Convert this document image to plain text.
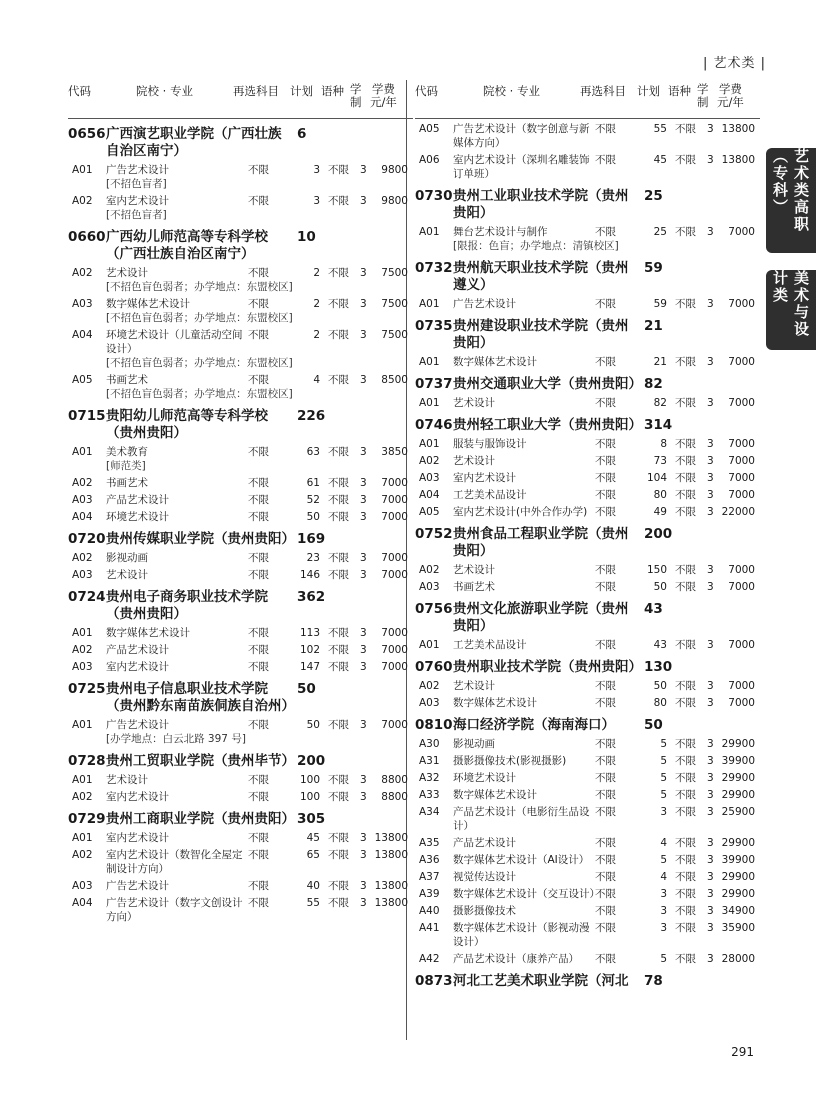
| 艺术类 |
艺术类高职（专科）
美术与设计类
代码	院校 · 专业	再选科目 计划 语种 学
制
学费
元/年
0656 广西演艺职业学院（广西壮族自治区南宁）
6
A01	广告艺术设计	不限	3 不限	3	9800
[不招色盲者]
A02	室内艺术设计	不限	3 不限	3	9800
[不招色盲者]
0660 广西幼儿师范高等专科学校（广西壮族自治区南宁）
10
A02	艺术设计	不限	2 不限	3	7500
[不招色盲色弱者；办学地点：东盟校区]
A03	数字媒体艺术设计	不限	2 不限	3	7500
[不招色盲色弱者；办学地点：东盟校区]
A04	环境艺术设计（儿童活动空间设计）
不限	2 不限	3	7500
[不招色盲色弱者；办学地点：东盟校区]
A05	书画艺术	不限	4 不限	3	8500
[不招色盲色弱者；办学地点：东盟校区]
0715 贵阳幼儿师范高等专科学校（贵州贵阳）
226
A01	美术教育	不限	63 不限	3	3850
[师范类]
A02	书画艺术	不限	61 不限	3	7000
A03	产品艺术设计	不限	52 不限	3	7000
A04	环境艺术设计	不限	50 不限	3	7000
0720 贵州传媒职业学院（贵州贵阳） 169
A02	影视动画	不限	23 不限	3	7000
A03	艺术设计	不限	146 不限	3	7000
0724 贵州电子商务职业技术学院（贵州贵阳）
362
A01	数字媒体艺术设计	不限	113 不限	3	7000
A02	产品艺术设计	不限	102 不限	3	7000
A03	室内艺术设计	不限	147 不限	3	7000
0725 贵州电子信息职业技术学院（贵州黔东南苗族侗族自治州）
50
A01	广告艺术设计	不限	50 不限	3	7000
[办学地点：白云北路 397 号]
0728 贵州工贸职业学院（贵州毕节） 200
A01	艺术设计	不限	100 不限	3	8800
A02	室内艺术设计	不限	100 不限	3	8800
0729 贵州工商职业学院（贵州贵阳） 305
A01	室内艺术设计	不限	45 不限	3 13800
A02	室内艺术设计（数智化全屋定制设计方向）
不限	65 不限	3 13800
A03	广告艺术设计	不限	40 不限	3 13800
A04	广告艺术设计（数字文创设计方向）
不限	55 不限	3 13800
代码	院校 · 专业	再选科目 计划 语种 学
制
学费
元/年
A05	广告艺术设计（数字创意与新媒体方向）
不限	55 不限	3 13800
A06	室内艺术设计（深圳名雕装饰订单班）
不限	45 不限	3 13800
0730 贵州工业职业技术学院（贵州贵阳）
25
A01	舞台艺术设计与制作	不限	25 不限	3	7000
[限报：色盲；办学地点：清镇校区]
0732 贵州航天职业技术学院（贵州遵义）
59
A01	广告艺术设计	不限	59 不限	3	7000
0735 贵州建设职业技术学院（贵州贵阳）
21
A01	数字媒体艺术设计	不限	21 不限	3	7000
0737 贵州交通职业大学（贵州贵阳） 82
A01	艺术设计	不限	82 不限	3	7000
0746 贵州轻工职业大学（贵州贵阳） 314
A01	服装与服饰设计	不限	8 不限	3	7000
A02	艺术设计	不限	73 不限	3	7000
A03	室内艺术设计	不限	104 不限	3	7000
A04	工艺美术品设计	不限	80 不限	3	7000
A05	室内艺术设计(中外合作办学) 不限	49 不限	3 22000
0752 贵州食品工程职业学院（贵州贵阳）
200
A02	艺术设计	不限	150 不限	3	7000
A03	书画艺术	不限	50 不限	3	7000
0756 贵州文化旅游职业学院（贵州贵阳）
43
A01	工艺美术品设计	不限	43 不限	3	7000
0760 贵州职业技术学院（贵州贵阳） 130
A02	艺术设计	不限	50 不限	3	7000
A03	数字媒体艺术设计	不限	80 不限	3	7000
0810 海口经济学院（海南海口）	50
A30	影视动画	不限	5 不限	3 29900
A31	摄影摄像技术(影视摄影)	不限	5 不限	3 39900
A32	环境艺术设计	不限	5 不限	3 29900
A33	数字媒体艺术设计	不限	5 不限	3 29900
A34	产品艺术设计（电影衍生品设计）
不限	3 不限	3 25900
A35	产品艺术设计	不限	4 不限	3 29900
A36	数字媒体艺术设计（AI设计） 不限	5 不限	3 39900
A37	视觉传达设计	不限	4 不限	3 29900
A39	数字媒体艺术设计（交互设计）
不限	3 不限	3 29900
A40	摄影摄像技术	不限	3 不限	3 34900
A41	数字媒体艺术设计（影视动漫设计）
不限	3 不限	3 35900
A42	产品艺术设计（康养产品）	不限	5 不限	3 28000
0873 河北工艺美术职业学院（河北	78
291
